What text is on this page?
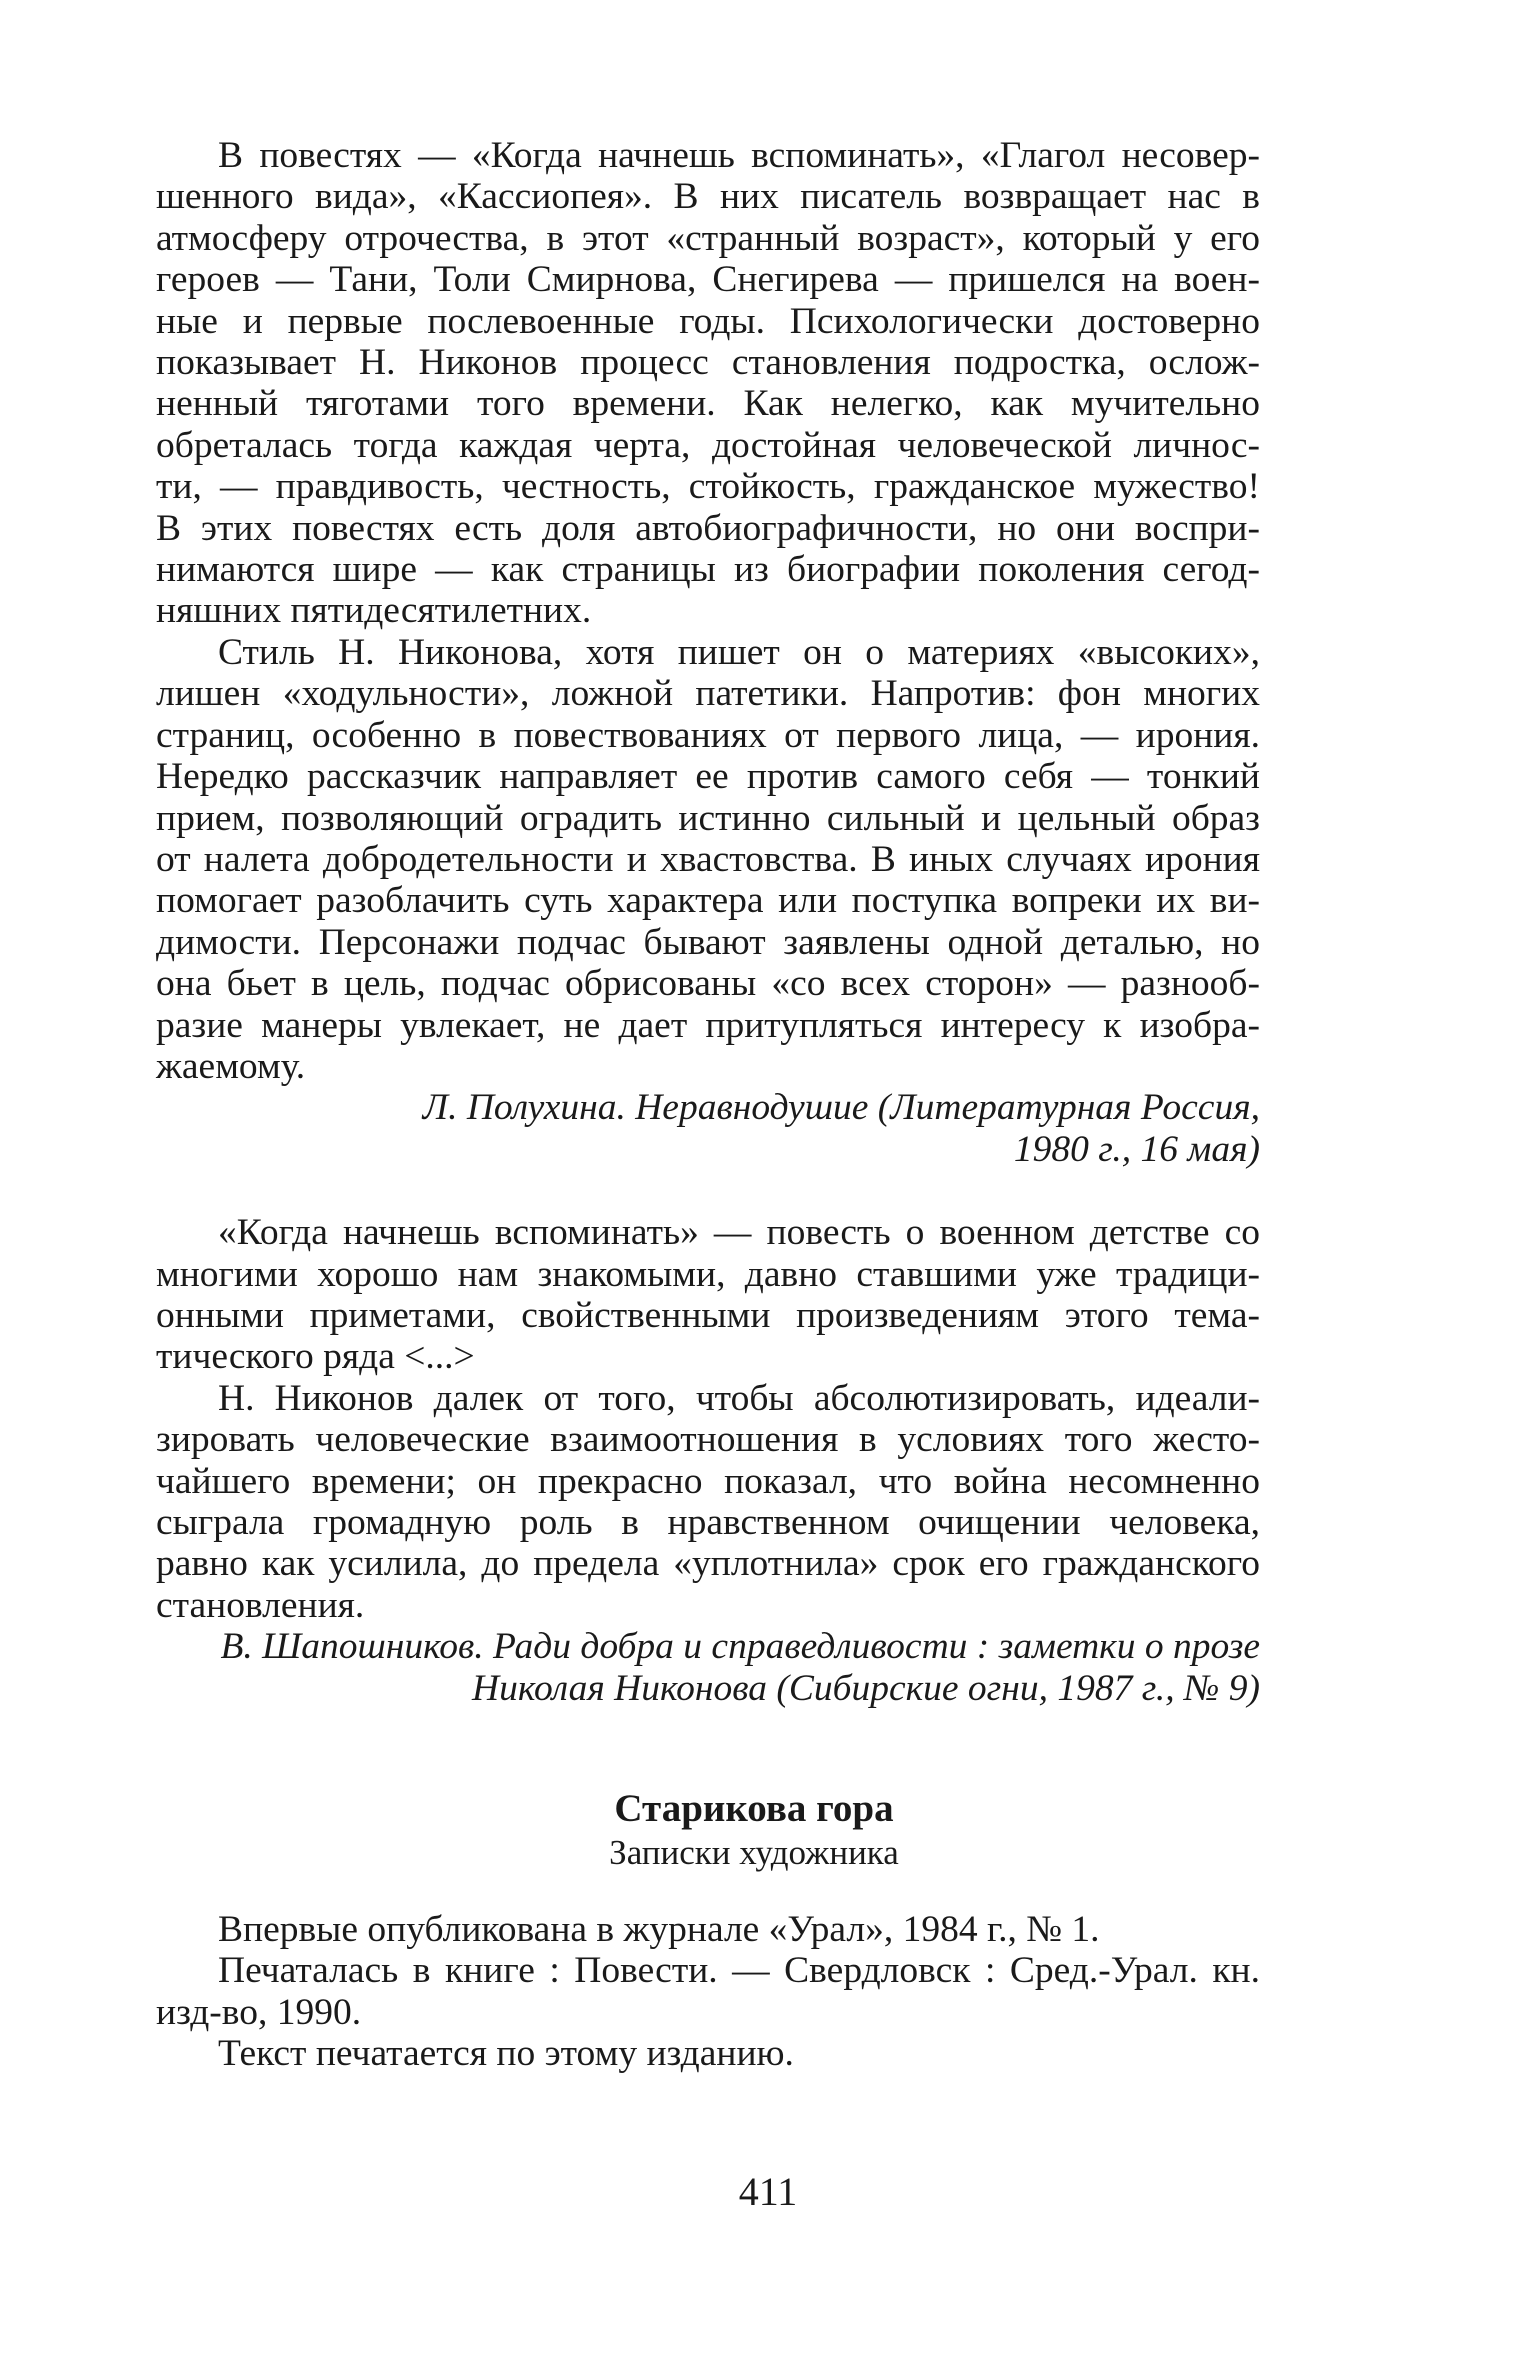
В повестях — «Когда начнешь вспоминать», «Глагол несовер-
шенного вида», «Кассиопея». В них писатель возвращает нас в
атмосферу отрочества, в этот «странный возраст», который у его
героев — Тани, Толи Смирнова, Снегирева — пришелся на воен-
ные и первые послевоенные годы. Психологически достоверно
показывает Н. Никонов процесс становления подростка, ослож-
ненный тяготами того времени. Как нелегко, как мучительно
обреталась тогда каждая черта, достойная человеческой личнос-
ти, — правдивость, честность, стойкость, гражданское мужество!
В этих повестях есть доля автобиографичности, но они воспри-
нимаются шире — как страницы из биографии поколения сегод-
няшних пятидесятилетних.
Стиль Н. Никонова, хотя пишет он о материях «высоких»,
лишен «ходульности», ложной патетики. Напротив: фон многих
страниц, особенно в повествованиях от первого лица, — ирония.
Нередко рассказчик направляет ее против самого себя — тонкий
прием, позволяющий оградить истинно сильный и цельный образ
от налета добродетельности и хвастовства. В иных случаях ирония
помогает разоблачить суть характера или поступка вопреки их ви-
димости. Персонажи подчас бывают заявлены одной деталью, но
она бьет в цель, подчас обрисованы «со всех сторон» — разнооб-
разие манеры увлекает, не дает притупляться интересу к изобра-
жаемому.
Л. Полухина. Неравнодушие (Литературная Россия,
1980 г., 16 мая)
«Когда начнешь вспоминать» — повесть о военном детстве со
многими хорошо нам знакомыми, давно ставшими уже традици-
онными приметами, свойственными произведениям этого тема-
тического ряда <...>
Н. Никонов далек от того, чтобы абсолютизировать, идеали-
зировать человеческие взаимоотношения в условиях того жесто-
чайшего времени; он прекрасно показал, что война несомненно
сыграла громадную роль в нравственном очищении человека,
равно как усилила, до предела «уплотнила» срок его гражданского
становления.
В. Шапошников. Ради добра и справедливости : заметки о прозе
Николая Никонова (Сибирские огни, 1987 г., № 9)
Старикова гора
Записки художника
Впервые опубликована в журнале «Урал», 1984 г., № 1.
Печаталась в книге : Повести. — Свердловск : Сред.-Урал. кн.
изд-во, 1990.
Текст печатается по этому изданию.
411
